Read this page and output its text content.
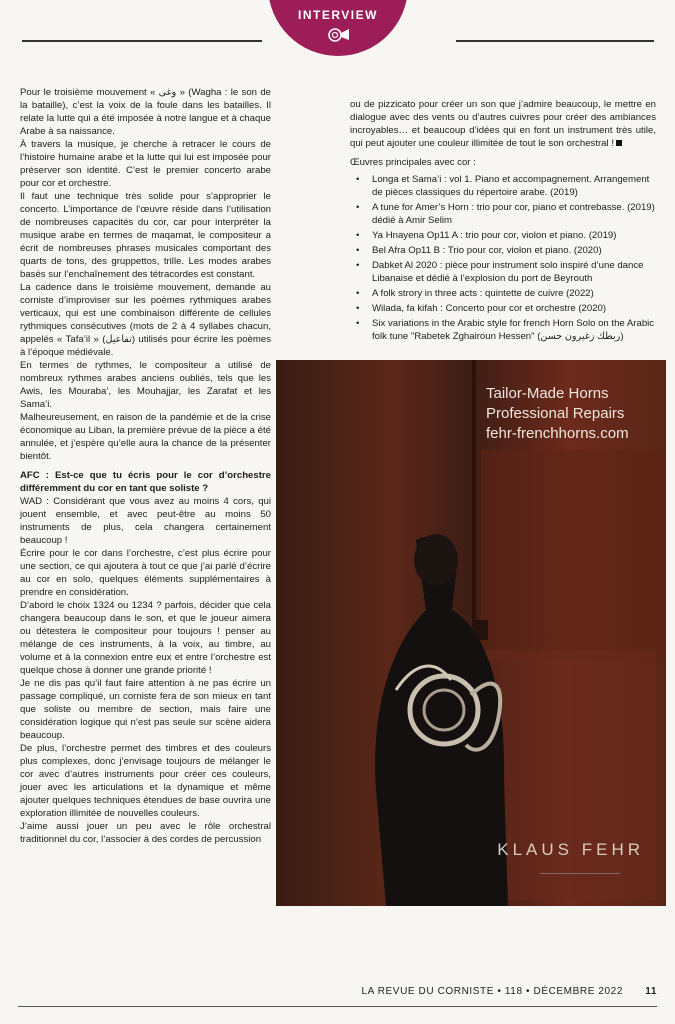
INTERVIEW

Pour le troisième mouvement « وغى » (Wagha : le son de la bataille), c’est la voix de la foule dans les batailles. Il relate la lutte qui a été imposée à notre langue et à chaque Arabe à sa naissance.

À travers la musique, je cherche à retracer le cours de l’histoire humaine arabe et la lutte qui lui est imposée pour préserver son identité. C’est le premier concerto arabe pour cor et orchestre.

Il faut une technique très solide pour s’approprier le concerto. L’importance de l’œuvre réside dans l’utilisation de nombreuses capacités du cor, car pour interpréter la musique arabe en termes de maqamat, le compositeur a écrit de nombreuses phrases musicales comportant des quarts de tons, des gruppettos, trille. Les modes arabes basés sur l’enchaînement des tétracordes est constant.

La cadence dans le troisième mouvement, demande au corniste d’improviser sur les poèmes rythmiques arabes verticaux, qui est une combinaison différente de cellules rythmiques consécutives (mots de 2 à 4 syllabes chacun, appelés « Tafa’il » (تفاعيل) utilisés pour écrire les poèmes à l’époque médiévale.

En termes de rythmes, le compositeur a utilisé de nombreux rythmes arabes anciens oubliés, tels que les Awis, les Mouraba’, les Mouhajjar, les Zarafat et les Sama’i.

Malheureusement, en raison de la pandémie et de la crise économique au Liban, la première prévue de la pièce a été annulée, et j’espère qu’elle aura la chance de la présenter bientôt.

AFC : Est-ce que tu écris pour le cor d’orchestre différemment du cor en tant que soliste ?

WAD : Considérant que vous avez au moins 4 cors, qui jouent ensemble, et avec peut-être au moins 50 instruments de plus, cela changera certainement beaucoup !

Écrire pour le cor dans l’orchestre, c’est plus écrire pour une section, ce qui ajoutera à tout ce que j’ai parlé d’écrire au cor en solo, quelques éléments supplémentaires à prendre en considération.

D’abord le choix 1324 ou 1234 ? parfois, décider que cela changera beaucoup dans le son, et que le joueur aimera ou détestera le compositeur pour toujours ! penser au mélange de ces instruments, à la voix, au timbre, au volume et à la connexion entre eux et entre l’orchestre est quelque chose à donner une grande priorité !

Je ne dis pas qu’il faut faire attention à ne pas écrire un passage compliqué, un corniste fera de son mieux en tant que soliste ou membre de section, mais faire une considération logique qui n’est pas seule sur scène aidera beaucoup.

De plus, l’orchestre permet des timbres et des couleurs plus complexes, donc j’envisage toujours de mélanger le cor avec d’autres instruments pour créer ces couleurs, jouer avec les articulations et la dynamique et même ajouter quelques techniques étendues de base ouvrira une exploration illimitée de nouvelles couleurs.

J’aime aussi jouer un peu avec le rôle orchestral traditionnel du cor, l’associer à des cordes de percussion

ou de pizzicato pour créer un son que j’admire beaucoup, le mettre en dialogue avec des vents ou d’autres cuivres pour créer des ambiances incroyables… et beaucoup d’idées qui en font un instrument très utile, qui peut ajouter une couleur illimitée de tout le son orchestral !

Œuvres principales avec cor :

• Longa et Sama’i : vol 1. Piano et accompagnement. Arrangement de pièces classiques du répertoire arabe. (2019)
• A tune for Amer’s Horn : trio pour cor, piano et contrebasse. (2019) dédié à Amir Selim
• Ya Hnayena Op11 A : trio pour cor, violon et piano. (2019)
• Bel Afra Op11 B : Trio pour cor, violon et piano. (2020)
• Dabket Al 2020 : pièce pour instrument solo inspiré d’une dance Libanaise et dédié à l’explosion du port de Beyrouth
• A folk strory in three acts : quintette de cuivre (2022)
• Wilada, fa kifah : Concerto pour cor et orchestre (2020)
• Six variations in the Arabic style for french Horn Solo on the Arabic folk tune "Rabetek Zghairoun Hessen" (ربطك زغيرون حسن)
Tailor-Made Horns
Professional Repairs
fehr-frenchhorns.com
KLAUS FEHR
LA REVUE DU CORNISTE • 118 • DÉCEMBRE 2022 11
